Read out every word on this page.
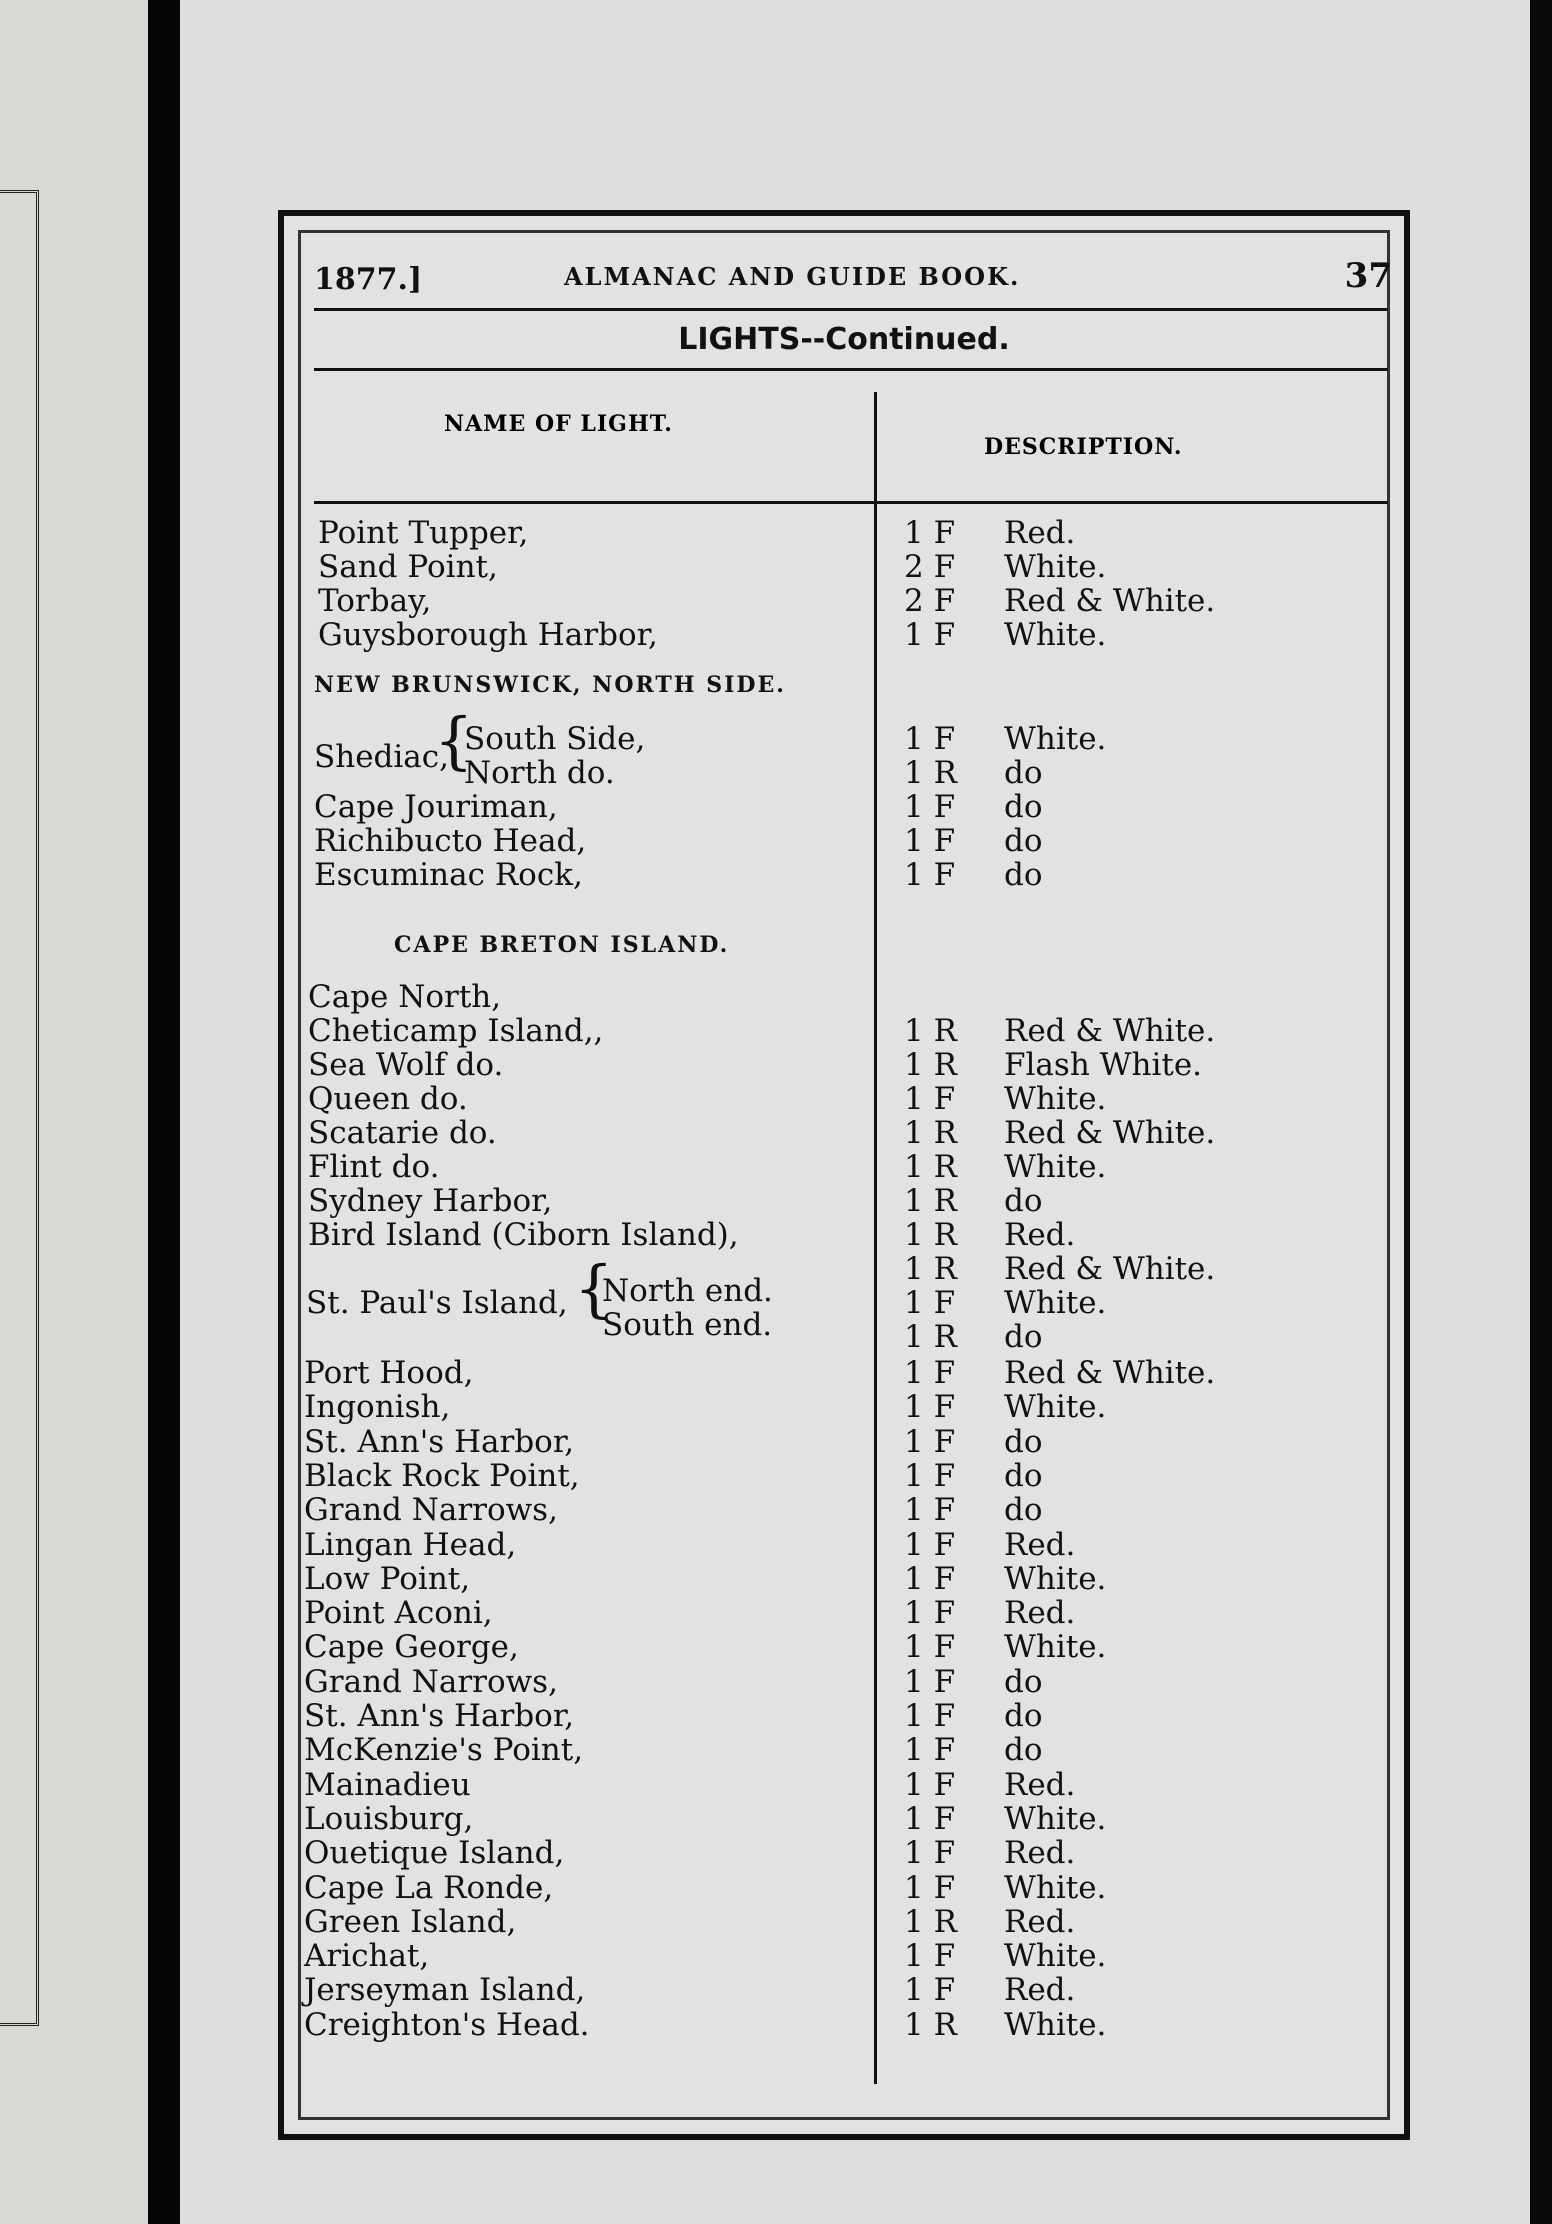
1877.]	ALMANAC AND GUIDE BOOK.	37
LIGHTS--Continued.
NAME OF LIGHT.
DESCRIPTION.
Point Tupper,	1 F Red.
Sand Point,	2 F White.
Torbay,	2 F Red & White.
Guysborough Harbor,	1 F White.
NEW BRUNSWICK, NORTH SIDE.
Shediac,
{
South Side,	1 F White.
North do.	1 R do
Cape Jouriman,	1 F do
Richibucto Head,	1 F do
Escuminac Rock,	1 F do
CAPE BRETON ISLAND.
Cape North,
Cheticamp Island,,	1 R Red & White.
Sea Wolf do.	1 R Flash White.
Queen do.	1 F White.
Scatarie do.	1 R Red & White.
Flint do.	1 R White.
Sydney Harbor,	1 R do
Bird Island (Ciborn Island),	1 R Red.
1 R Red & White.
St. Paul's Island, {
North end.	1 F White.
South end.	1 R do
Port Hood,	1 F Red & White.
Ingonish,	1 F White.
St. Ann's Harbor,	1 F do
Black Rock Point,	1 F do
Grand Narrows,	1 F do
Lingan Head,	1 F Red.
Low Point,	1 F White.
Point Aconi,	1 F Red.
Cape George,	1 F White.
Grand Narrows,	1 F do
St. Ann's Harbor,	1 F do
McKenzie's Point,	1 F do
Mainadieu	1 F Red.
Louisburg,	1 F White.
Ouetique Island,	1 F Red.
Cape La Ronde,	1 F White.
Green Island,	1 R Red.
Arichat,	1 F White.
Jerseyman Island,	1 F Red.
Creighton's Head.	1 R White.
